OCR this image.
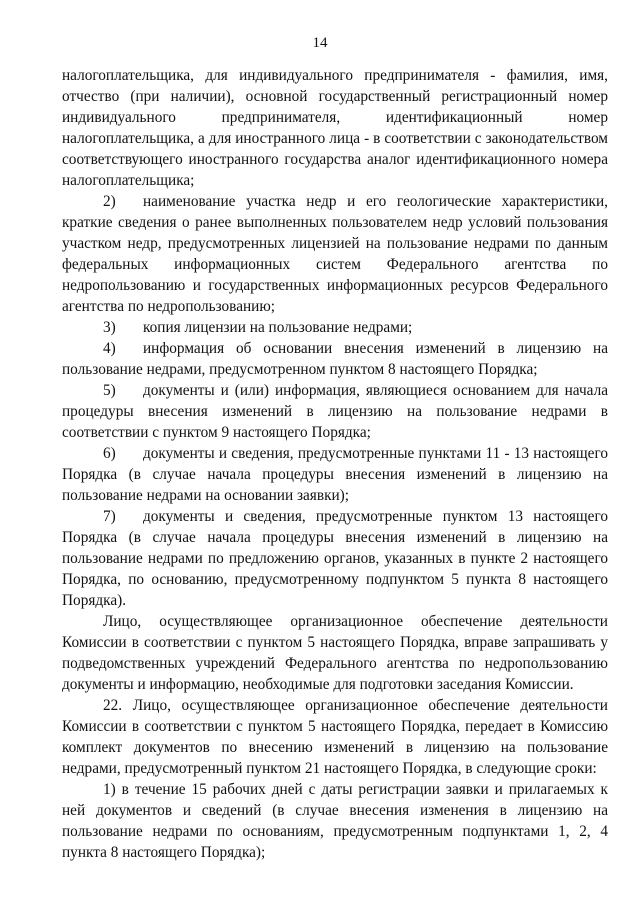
14

налогоплательщика, для индивидуального предпринимателя - фамилия, имя, отчество (при наличии), основной государственный регистрационный номер индивидуального предпринимателя, идентификационный номер налогоплательщика, а для иностранного лица - в соответствии с законодательством соответствующего иностранного государства аналог идентификационного номера налогоплательщика;

2) наименование участка недр и его геологические характеристики, краткие сведения о ранее выполненных пользователем недр условий пользования участком недр, предусмотренных лицензией на пользование недрами по данным федеральных информационных систем Федерального агентства по недропользованию и государственных информационных ресурсов Федерального агентства по недропользованию;

3) копия лицензии на пользование недрами;

4) информация об основании внесения изменений в лицензию на пользование недрами, предусмотренном пунктом 8 настоящего Порядка;

5) документы и (или) информация, являющиеся основанием для начала процедуры внесения изменений в лицензию на пользование недрами в соответствии с пунктом 9 настоящего Порядка;

6) документы и сведения, предусмотренные пунктами 11 - 13 настоящего Порядка (в случае начала процедуры внесения изменений в лицензию на пользование недрами на основании заявки);

7) документы и сведения, предусмотренные пунктом 13 настоящего Порядка (в случае начала процедуры внесения изменений в лицензию на пользование недрами по предложению органов, указанных в пункте 2 настоящего Порядка, по основанию, предусмотренному подпунктом 5 пункта 8 настоящего Порядка).

Лицо, осуществляющее организационное обеспечение деятельности Комиссии в соответствии с пунктом 5 настоящего Порядка, вправе запрашивать у подведомственных учреждений Федерального агентства по недропользованию документы и информацию, необходимые для подготовки заседания Комиссии.

22. Лицо, осуществляющее организационное обеспечение деятельности Комиссии в соответствии с пунктом 5 настоящего Порядка, передает в Комиссию комплект документов по внесению изменений в лицензию на пользование недрами, предусмотренный пунктом 21 настоящего Порядка, в следующие сроки:

1) в течение 15 рабочих дней с даты регистрации заявки и прилагаемых к ней документов и сведений (в случае внесения изменения в лицензию на пользование недрами по основаниям, предусмотренным подпунктами 1, 2, 4 пункта 8 настоящего Порядка);
